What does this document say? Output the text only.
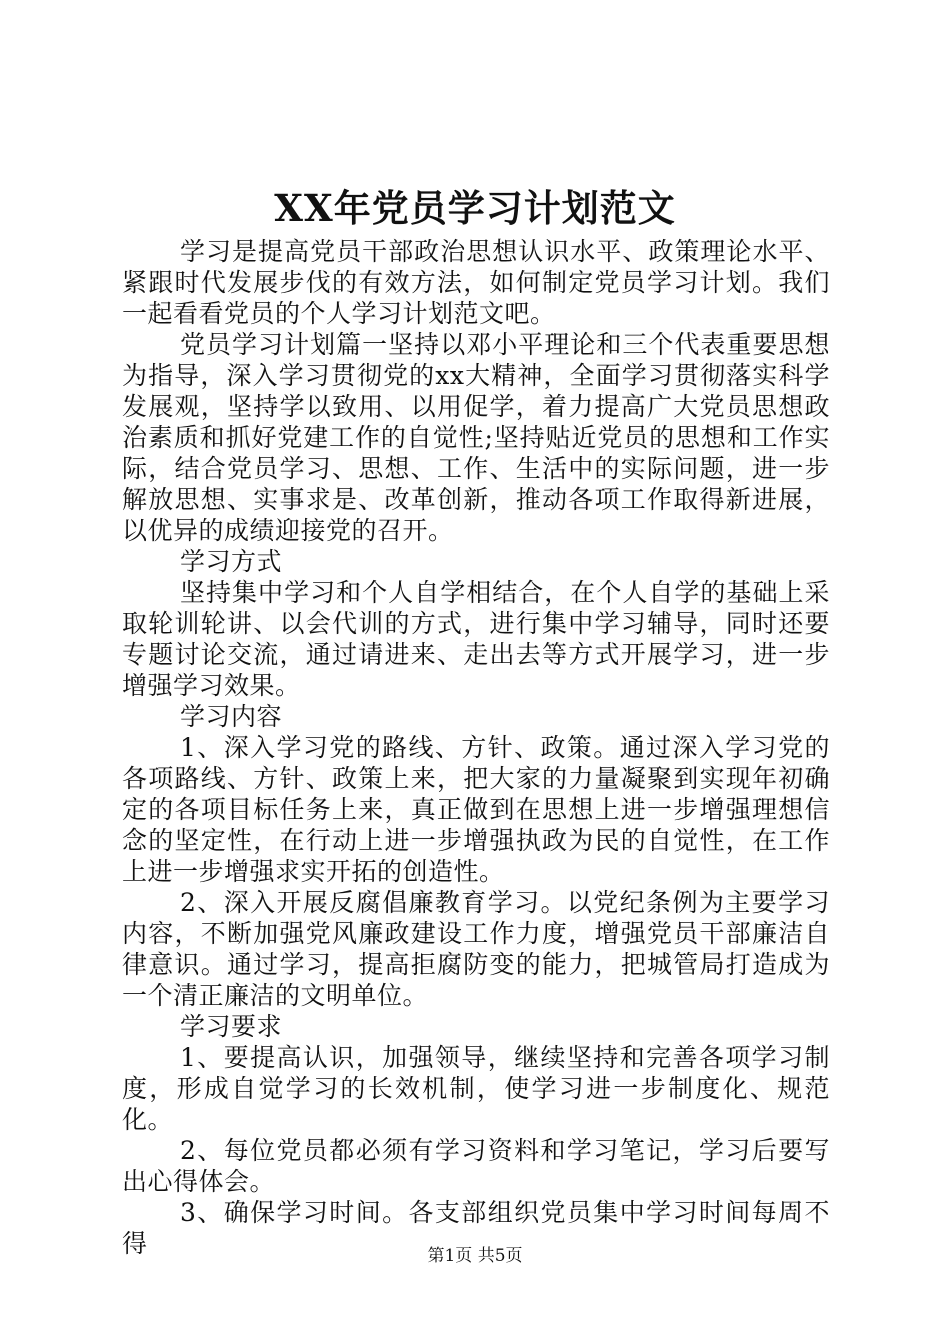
XX年党员学习计划范文

学习是提高党员干部政治思想认识水平、政策理论水平、紧跟时代发展步伐的有效方法，如何制定党员学习计划。我们一起看看党员的个人学习计划范文吧。

党员学习计划篇一坚持以邓小平理论和三个代表重要思想为指导，深入学习贯彻党的xx大精神，全面学习贯彻落实科学发展观，坚持学以致用、以用促学，着力提高广大党员思想政治素质和抓好党建工作的自觉性;坚持贴近党员的思想和工作实际，结合党员学习、思想、工作、生活中的实际问题，进一步解放思想、实事求是、改革创新，推动各项工作取得新进展，以优异的成绩迎接党的召开。

学习方式

坚持集中学习和个人自学相结合，在个人自学的基础上采取轮训轮讲、以会代训的方式，进行集中学习辅导，同时还要专题讨论交流，通过请进来、走出去等方式开展学习，进一步增强学习效果。

学习内容

1、深入学习党的路线、方针、政策。通过深入学习党的各项路线、方针、政策上来，把大家的力量凝聚到实现年初确定的各项目标任务上来，真正做到在思想上进一步增强理想信念的坚定性，在行动上进一步增强执政为民的自觉性，在工作上进一步增强求实开拓的创造性。

2、深入开展反腐倡廉教育学习。以党纪条例为主要学习内容，不断加强党风廉政建设工作力度，增强党员干部廉洁自律意识。通过学习，提高拒腐防变的能力，把城管局打造成为一个清正廉洁的文明单位。

学习要求

1、要提高认识，加强领导，继续坚持和完善各项学习制度，形成自觉学习的长效机制，使学习进一步制度化、规范化。

2、每位党员都必须有学习资料和学习笔记，学习后要写出心得体会。

3、确保学习时间。各支部组织党员集中学习时间每周不得	第1页 共5页
